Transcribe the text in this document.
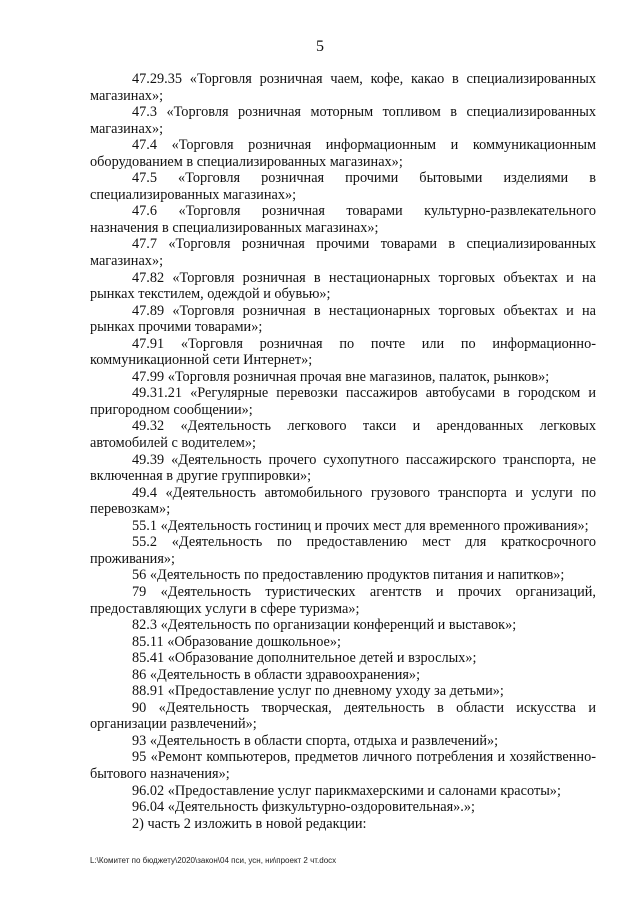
5

47.29.35 «Торговля розничная чаем, кофе, какао в специализированных магазинах»;

47.3 «Торговля розничная моторным топливом в специализированных магазинах»;

47.4 «Торговля розничная информационным и коммуникационным оборудованием в специализированных магазинах»;

47.5 «Торговля розничная прочими бытовыми изделиями в специализированных магазинах»;

47.6 «Торговля розничная товарами культурно-развлекательного назначения в специализированных магазинах»;

47.7 «Торговля розничная прочими товарами в специализированных магазинах»;

47.82 «Торговля розничная в нестационарных торговых объектах и на рынках текстилем, одеждой и обувью»;

47.89 «Торговля розничная в нестационарных торговых объектах и на рынках прочими товарами»;

47.91 «Торговля розничная по почте или по информационно-коммуникационной сети Интернет»;

47.99 «Торговля розничная прочая вне магазинов, палаток, рынков»;

49.31.21 «Регулярные перевозки пассажиров автобусами в городском и пригородном сообщении»;

49.32 «Деятельность легкового такси и арендованных легковых автомобилей с водителем»;

49.39 «Деятельность прочего сухопутного пассажирского транспорта, не включенная в другие группировки»;

49.4 «Деятельность автомобильного грузового транспорта и услуги по перевозкам»;

55.1 «Деятельность гостиниц и прочих мест для временного проживания»;

55.2 «Деятельность по предоставлению мест для краткосрочного проживания»;

56 «Деятельность по предоставлению продуктов питания и напитков»;

79 «Деятельность туристических агентств и прочих организаций, предоставляющих услуги в сфере туризма»;

82.3 «Деятельность по организации конференций и выставок»;

85.11 «Образование дошкольное»;

85.41 «Образование дополнительное детей и взрослых»;

86 «Деятельность в области здравоохранения»;

88.91 «Предоставление услуг по дневному уходу за детьми»;

90 «Деятельность творческая, деятельность в области искусства и организации развлечений»;

93 «Деятельность в области спорта, отдыха и развлечений»;

95 «Ремонт компьютеров, предметов личного потребления и хозяйственно-бытового назначения»;

96.02 «Предоставление услуг парикмахерскими и салонами красоты»;

96.04 «Деятельность физкультурно-оздоровительная».»;

2) часть 2 изложить в новой редакции:

L:\Комитет по бюджету\2020\закон\04 пси, усн, ни\проект 2 чт.docx
